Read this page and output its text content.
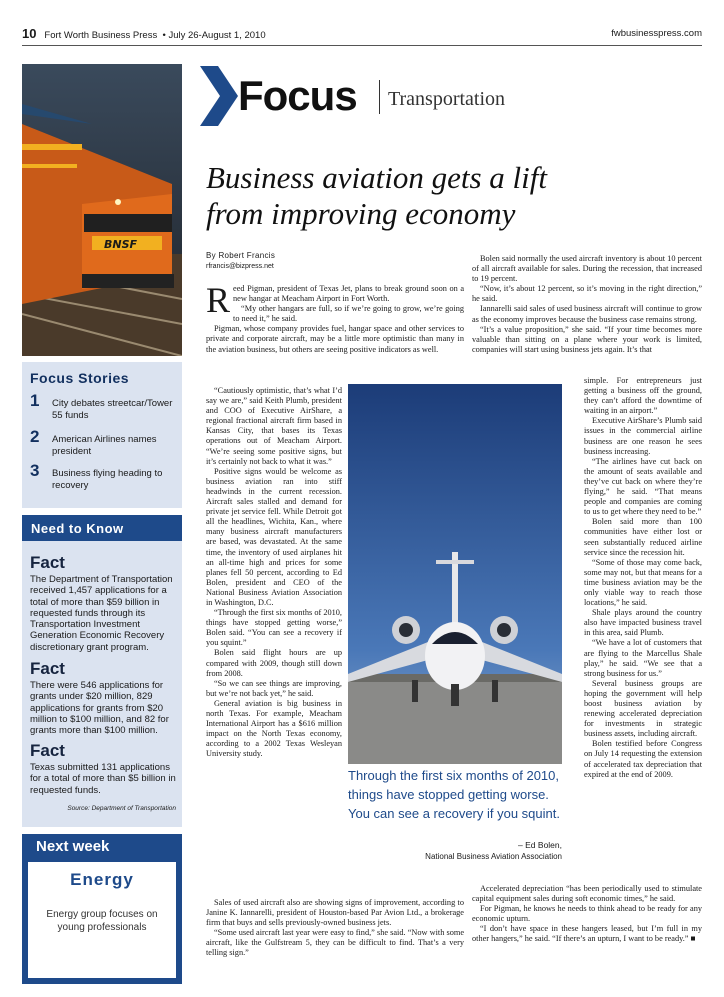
10 Fort Worth Business Press  • July 26-August 1, 2010	fwbusinesspress.com
BNSF
Focus Stories
1 City debates streetcar/Tower 55 funds
2 American Airlines names president
3 Business flying heading to recovery
Need to Know
Fact
The Department of Transportation received 1,457 applications for a total of more than $59 billion in requested funds through its Transportation Investment Generation Economic Recovery discretionary grant program.
Fact
There were 546 applications for grants under $20 million, 829 applications for grants from $20 million to $100 million, and 82 for grants more than $100 million.
Fact
Texas submitted 131 applications for a total of more than $5 billion in requested funds.
Source: Department of Transportation
Next week
Energy
Energy group focuses on young professionals
Focus Transportation
Business aviation gets a lift
from improving economy
By Robert Francis
rfrancis@bizpress.net

Reed Pigman, president of Texas Jet, plans to break ground soon on a new hangar at Meacham Airport in Fort Worth.

“My other hangars are full, so if we’re going to grow, we’re going to need it,” he said.

Pigman, whose company provides fuel, hangar space and other services to private and corporate aircraft, may be a little more optimistic than many in the aviation business, but others are seeing positive indicators as well.

“Cautiously optimistic, that’s what I’d say we are,” said Keith Plumb, president and COO of Executive AirShare, a regional fractional aircraft firm based in Kansas City, that bases its Texas operations out of Meacham Airport. “We’re seeing some positive signs, but it’s certainly not back to what it was.”

Positive signs would be welcome as business aviation ran into stiff headwinds in the current recession. Aircraft sales stalled and demand for private jet service fell. While Detroit got all the headlines, Wichita, Kan., where many business aircraft manufacturers are based, was devastated. At the same time, the inventory of used airplanes hit an all-time high and prices for some planes fell 50 percent, according to Ed Bolen, president and CEO of the National Business Aviation Association in Washington, D.C.

“Through the first six months of 2010, things have stopped getting worse,” Bolen said. “You can see a recovery if you squint.”

Bolen said flight hours are up compared with 2009, though still down from 2008.

“So we can see things are improving, but we’re not back yet,” he said.

General aviation is big business in north Texas. For example, Meacham International Airport has a $616 million impact on the North Texas economy, according to a 2002 Texas Wesleyan University study.

Sales of used aircraft also are showing signs of improvement, according to Janine K. Iannarelli, president of Houston-based Par Avion Ltd., a brokerage firm that buys and sells previously-owned business jets.

“Some used aircraft last year were easy to find,” she said. “Now with some aircraft, like the Gulfstream 5, they can be difficult to find. That’s a very telling sign.”

Bolen said normally the used aircraft inventory is about 10 percent of all aircraft available for sales. During the recession, that increased to 19 percent.

“Now, it’s about 12 percent, so it’s moving in the right direction,” he said.

Iannarelli said sales of used business aircraft will continue to grow as the economy improves because the business case remains strong.

“It’s a value proposition,” she said. “If your time becomes more valuable than sitting on a plane where your work is limited, companies will start using business jets again. It’s that

simple. For entrepreneurs just getting a business off the ground, they can’t afford the downtime of waiting in an airport.”

Executive AirShare’s Plumb said issues in the commercial airline business are one reason he sees business increasing.

“The airlines have cut back on the amount of seats available and they’ve cut back on where they’re flying,” he said. “That means people and companies are coming to us to get where they need to be.”

Bolen said more than 100 communities have either lost or seen substantially reduced airline service since the recession hit.

“Some of those may come back, some may not, but that means for a time business aviation may be the only viable way to reach those locations,” he said.

Shale plays around the country also have impacted business travel in this area, said Plumb.

“We have a lot of customers that are flying to the Marcellus Shale play,” he said. “We see that a strong business for us.”

Several business groups are hoping the government will help boost business aviation by renewing accelerated depreciation for investments in strategic business assets, including aircraft.

Bolen testified before Congress on July 14 requesting the extension of accelerated tax depreciation that expired at the end of 2009.

Accelerated depreciation “has been periodically used to stimulate capital equipment sales during soft economic times,” he said.

For Pigman, he knows he needs to think ahead to be ready for any economic upturn.

“I don’t have space in these hangers leased, but I’m full in my other hangers,” he said. “If there’s an upturn, I want to be ready.” ■

Through the first six months of 2010, things have stopped getting worse. You can see a recovery if you squint.
– Ed Bolen,
National Business Aviation Association
